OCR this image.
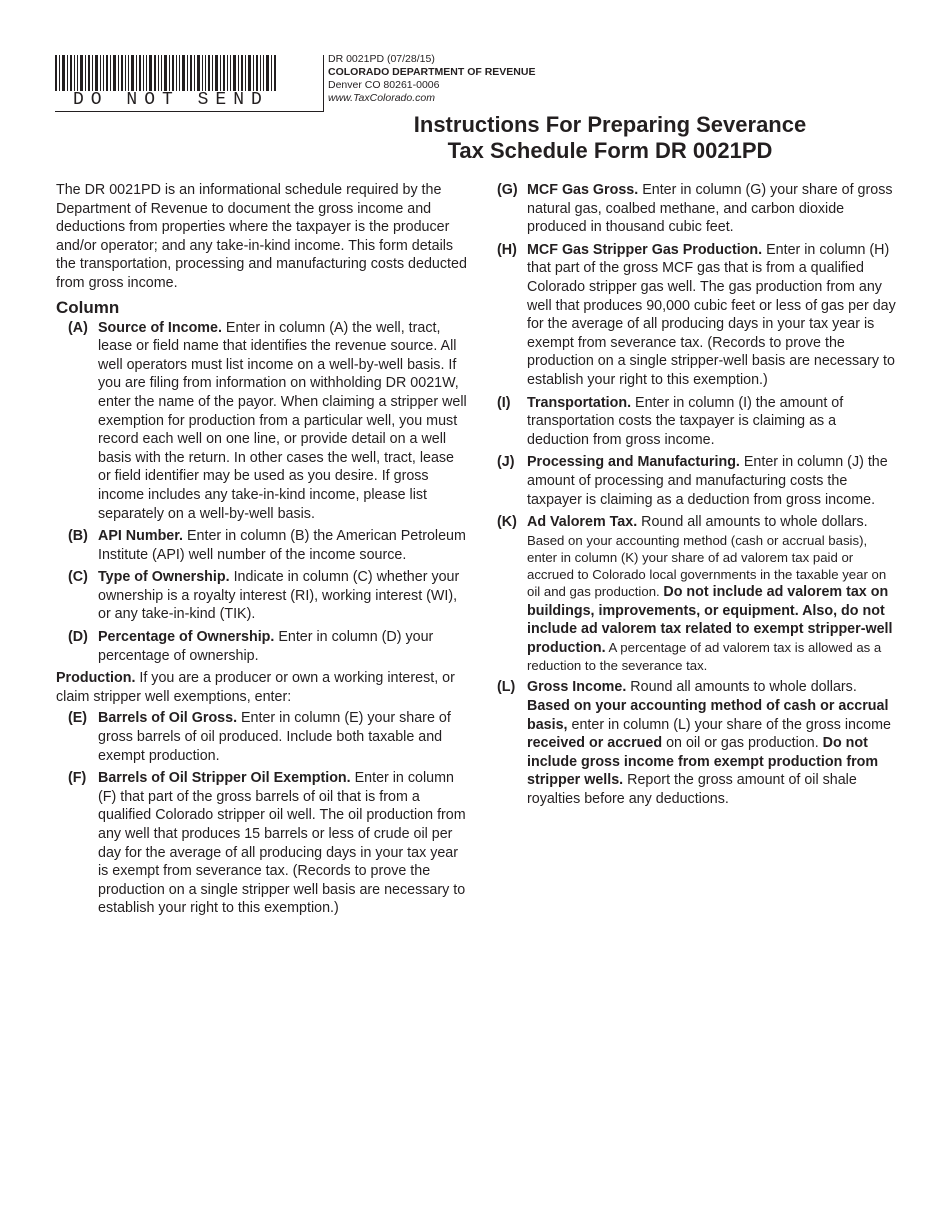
DO NOT SEND
DR 0021PD (07/28/15)
COLORADO DEPARTMENT OF REVENUE
Denver CO 80261-0006
www.TaxColorado.com
Instructions For Preparing Severance
Tax Schedule Form DR 0021PD

The DR 0021PD is an informational schedule required by the Department of Revenue to document the gross income and deductions from properties where the taxpayer is the producer and/or operator; and any take-in-kind income. This form details the transportation, processing and manufacturing costs deducted from gross income.

Column
(A) Source of Income. Enter in column (A) the well, tract, lease or field name that identifies the revenue source. All well operators must list income on a well-by-well basis. If you are filing from information on withholding DR 0021W, enter the name of the payor. When claiming a stripper well exemption for production from a particular well, you must record each well on one line, or provide detail on a well basis with the return. In other cases the well, tract, lease or field identifier may be used as you desire. If gross income includes any take-in-kind income, please list separately on a well-by-well basis.

(B) API Number. Enter in column (B) the American Petroleum Institute (API) well number of the income source.

(C) Type of Ownership. Indicate in column (C) whether your ownership is a royalty interest (RI), working interest (WI), or any take-in-kind (TIK).

(D) Percentage of Ownership. Enter in column (D) your percentage of ownership.

Production. If you are a producer or own a working interest, or claim stripper well exemptions, enter:

(E) Barrels of Oil Gross. Enter in column (E) your share of gross barrels of oil produced. Include both taxable and exempt production.

(F) Barrels of Oil Stripper Oil Exemption. Enter in column (F) that part of the gross barrels of oil that is from a qualified Colorado stripper oil well. The oil production from any well that produces 15 barrels or less of crude oil per day for the average of all producing days in your tax year is exempt from severance tax. (Records to prove the production on a single stripper well basis are necessary to establish your right to this exemption.)

(G) MCF Gas Gross. Enter in column (G) your share of gross natural gas, coalbed methane, and carbon dioxide produced in thousand cubic feet.

(H) MCF Gas Stripper Gas Production. Enter in column (H) that part of the gross MCF gas that is from a qualified Colorado stripper gas well. The gas production from any well that produces 90,000 cubic feet or less of gas per day for the average of all producing days in your tax year is exempt from severance tax. (Records to prove the production on a single stripper-well basis are necessary to establish your right to this exemption.)

(I)	Transportation. Enter in column (I) the amount of transportation costs the taxpayer is claiming as a deduction from gross income.

(J) Processing and Manufacturing. Enter in column (J) the amount of processing and manufacturing costs the taxpayer is claiming as a deduction from gross income.

(K) Ad Valorem Tax. Round all amounts to whole dollars.

Based on your accounting method (cash or accrual basis), enter in column (K) your share of ad valorem tax paid or accrued to Colorado local governments in the taxable year on oil and gas production. Do not include ad valorem tax on buildings, improvements, or equipment. Also, do not include ad valorem tax related to exempt stripper-well production. A percentage of ad valorem tax is allowed as a reduction to the severance tax.

(L) Gross Income. Round all amounts to whole dollars. Based on your accounting method of cash or accrual basis, enter in column (L) your share of the gross income received or accrued on oil or gas production. Do not include gross income from exempt production from stripper wells. Report the gross amount of oil shale royalties before any deductions.
